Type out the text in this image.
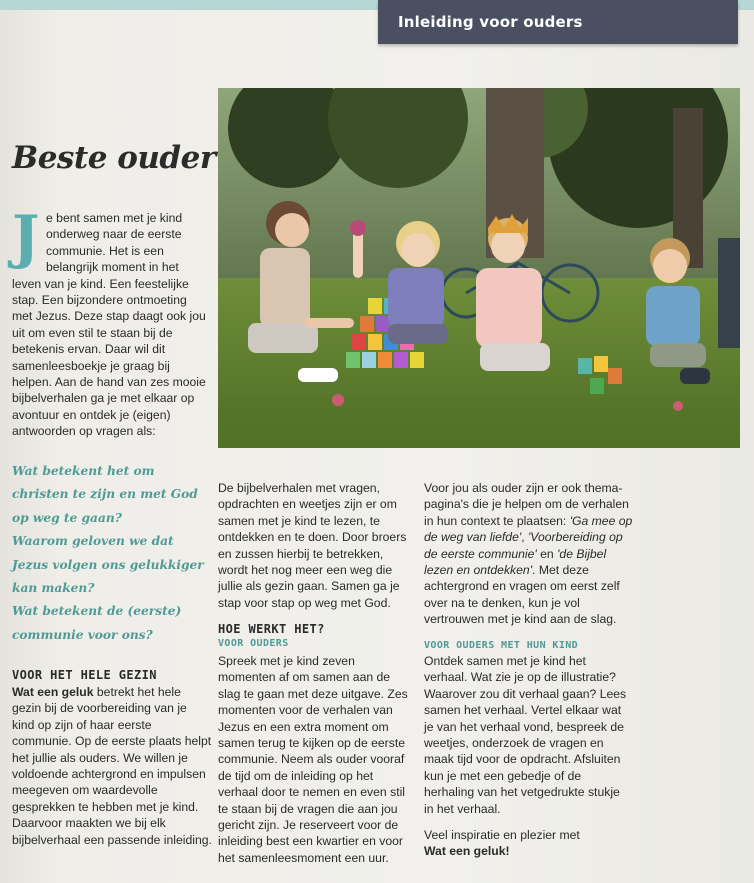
Inleiding voor ouders
Beste ouder
J e bent samen met je kind onderweg naar de eerste communie. Het is een belangrijk moment in het leven van je kind. Een feestelijke stap. Een bijzondere ontmoeting met Jezus. Deze stap daagt ook jou uit om even stil te staan bij de betekenis ervan. Daar wil dit samenleesboekje je graag bij helpen. Aan de hand van zes mooie bijbelverhalen ga je met elkaar op avontuur en ontdek je (eigen) antwoorden op vragen als:

Wat betekent het om christen te zijn en met God op weg te gaan?

Waarom geloven we dat Jezus volgen ons gelukkiger kan maken?

Wat betekent de (eerste) communie voor ons?

VOOR HET HELE GEZIN
Wat een geluk betrekt het hele gezin bij de voorbereiding van je kind op zijn of haar eerste communie. Op de eerste plaats helpt het jullie als ouders. We willen je voldoende achtergrond en impulsen meegeven om waardevolle gesprekken te hebben met je kind. Daarvoor maakten we bij elk bijbelverhaal een passende inleiding.

De bijbelverhalen met vragen, opdrachten en weetjes zijn er om samen met je kind te lezen, te ontdekken en te doen. Door broers en zussen hierbij te betrekken, wordt het nog meer een weg die jullie als gezin gaan. Samen ga je stap voor stap op weg met God.

HOE WERKT HET?
VOOR OUDERS

Spreek met je kind zeven momenten af om samen aan de slag te gaan met deze uitgave. Zes momenten voor de verhalen van Jezus en een extra moment om samen terug te kijken op de eerste communie. Neem als ouder vooraf de tijd om de inleiding op het verhaal door te nemen en even stil te staan bij de vragen die aan jou gericht zijn. Je reserveert voor de inleiding best een kwartier en voor het samenleesmoment een uur.

Voor jou als ouder zijn er ook thema-pagina's die je helpen om de verhalen in hun context te plaatsen: 'Ga mee op de weg van liefde', 'Voorbereiding op de eerste communie' en 'de Bijbel lezen en ontdekken'. Met deze achtergrond en vragen om eerst zelf over na te denken, kun je vol vertrouwen met je kind aan de slag.
VOOR OUDERS MET HUN KIND

Ontdek samen met je kind het verhaal. Wat zie je op de illustratie? Waarover zou dit verhaal gaan? Lees samen het verhaal. Vertel elkaar wat je van het verhaal vond, bespreek de weetjes, onderzoek de vragen en maak tijd voor de opdracht. Afsluiten kun je met een gebedje of de herhaling van het vetgedrukte stukje in het verhaal.

Veel inspiratie en plezier met

Wat een geluk!
